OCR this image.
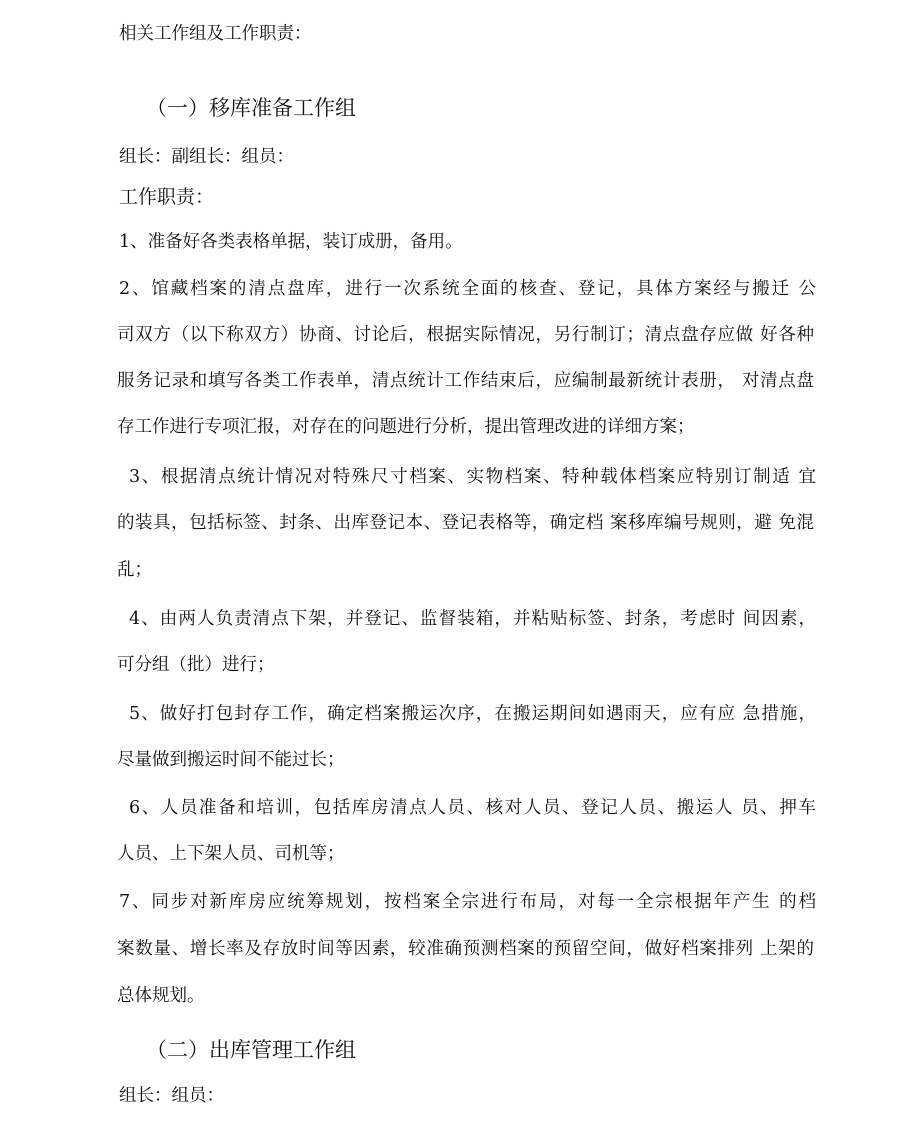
相关工作组及工作职责：
（一）移库准备工作组
组长：副组长：组员：
工作职责：
1、准备好各类表格单据，装订成册，备用。
2、馆藏档案的清点盘库，进行一次系统全面的核查、登记，具体方案经与搬迁 公
司双方（以下称双方）协商、讨论后，根据实际情况，另行制订；清点盘存应做 好各种
服务记录和填写各类工作表单，清点统计工作结束后，应编制最新统计表册， 对清点盘
存工作进行专项汇报，对存在的问题进行分析，提出管理改进的详细方案；
3、根据清点统计情况对特殊尺寸档案、实物档案、特种载体档案应特别订制适 宜
的装具，包括标签、封条、出库登记本、登记表格等，确定档 案移库编号规则，避 免混
乱；
4、由两人负责清点下架，并登记、监督装箱，并粘贴标签、封条，考虑时 间因素，
可分组（批）进行；
5、做好打包封存工作，确定档案搬运次序，在搬运期间如遇雨天，应有应 急措施，
尽量做到搬运时间不能过长；
6、人员准备和培训，包括库房清点人员、核对人员、登记人员、搬运人 员、押车
人员、上下架人员、司机等；
7、同步对新库房应统筹规划，按档案全宗进行布局，对每一全宗根据年产生 的档
案数量、增长率及存放时间等因素，较准确预测档案的预留空间，做好档案排列 上架的
总体规划。
（二）出库管理工作组
组长：组员：
